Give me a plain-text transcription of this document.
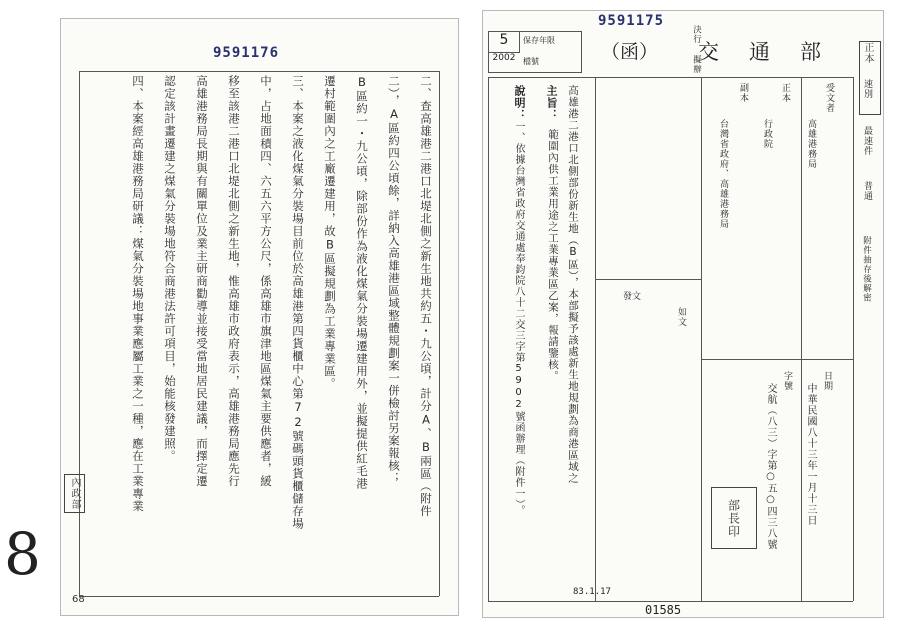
9591176
二、查高雄港二港口北堤北側之新生地共約五・九公頃，計分A、B兩區（附件
二），A區約四公頃餘，詳納入高雄港區域整體規劃案一併檢討另案報核；
B區約一・九公頃，除部份作為液化煤氣分裝場遷建用外，並擬提供紅毛港
遷村範圍內之工廠遷建用，故B區擬規劃為工業專業區。
三、本案之液化煤氣分裝場目前位於高雄港第四貨櫃中心第72號碼頭貨櫃儲存場
中，占地面積四、六五六平方公尺，係高雄市旗津地區煤氣主要供應者，緩
移至該港二港口北堤北側之新生地，惟高雄市政府表示，高雄港務局應先行
高雄港務局長期與有關單位及業主研商勸導並接受當地居民建議，而擇定遷
認定該計畫遷建之煤氣分裝場地符合商港法許可項目，始能核發建照。
四、本案經高雄港務局研議：煤氣分裝場地事業應屬工業之一種，應在工業專業
內政部
8
68
9591175
5	保存年限
2002 檔號	（函） 交通部
決行 擬辦
主旨： 高雄港二港口北側部份新生地（B區），本部擬予該處新生地規劃為商港區域之
範圍內供工業用途之工業專業區乙案，報請鑒核。
說明：
一、依據台灣省政府交通處奉鈞院八十二交三字第5902號函辦理（附件一）。
受文者
高雄港務局
正本
行政院
副本
台灣省政府、高雄港務局
速別
最速件
普通
附件抽存後解密
如文
發文
日期
中華民國八十三年一月十三日
字號
交航（八三）字第○五○四三八號
部長印
83.1.17
01585
正本
